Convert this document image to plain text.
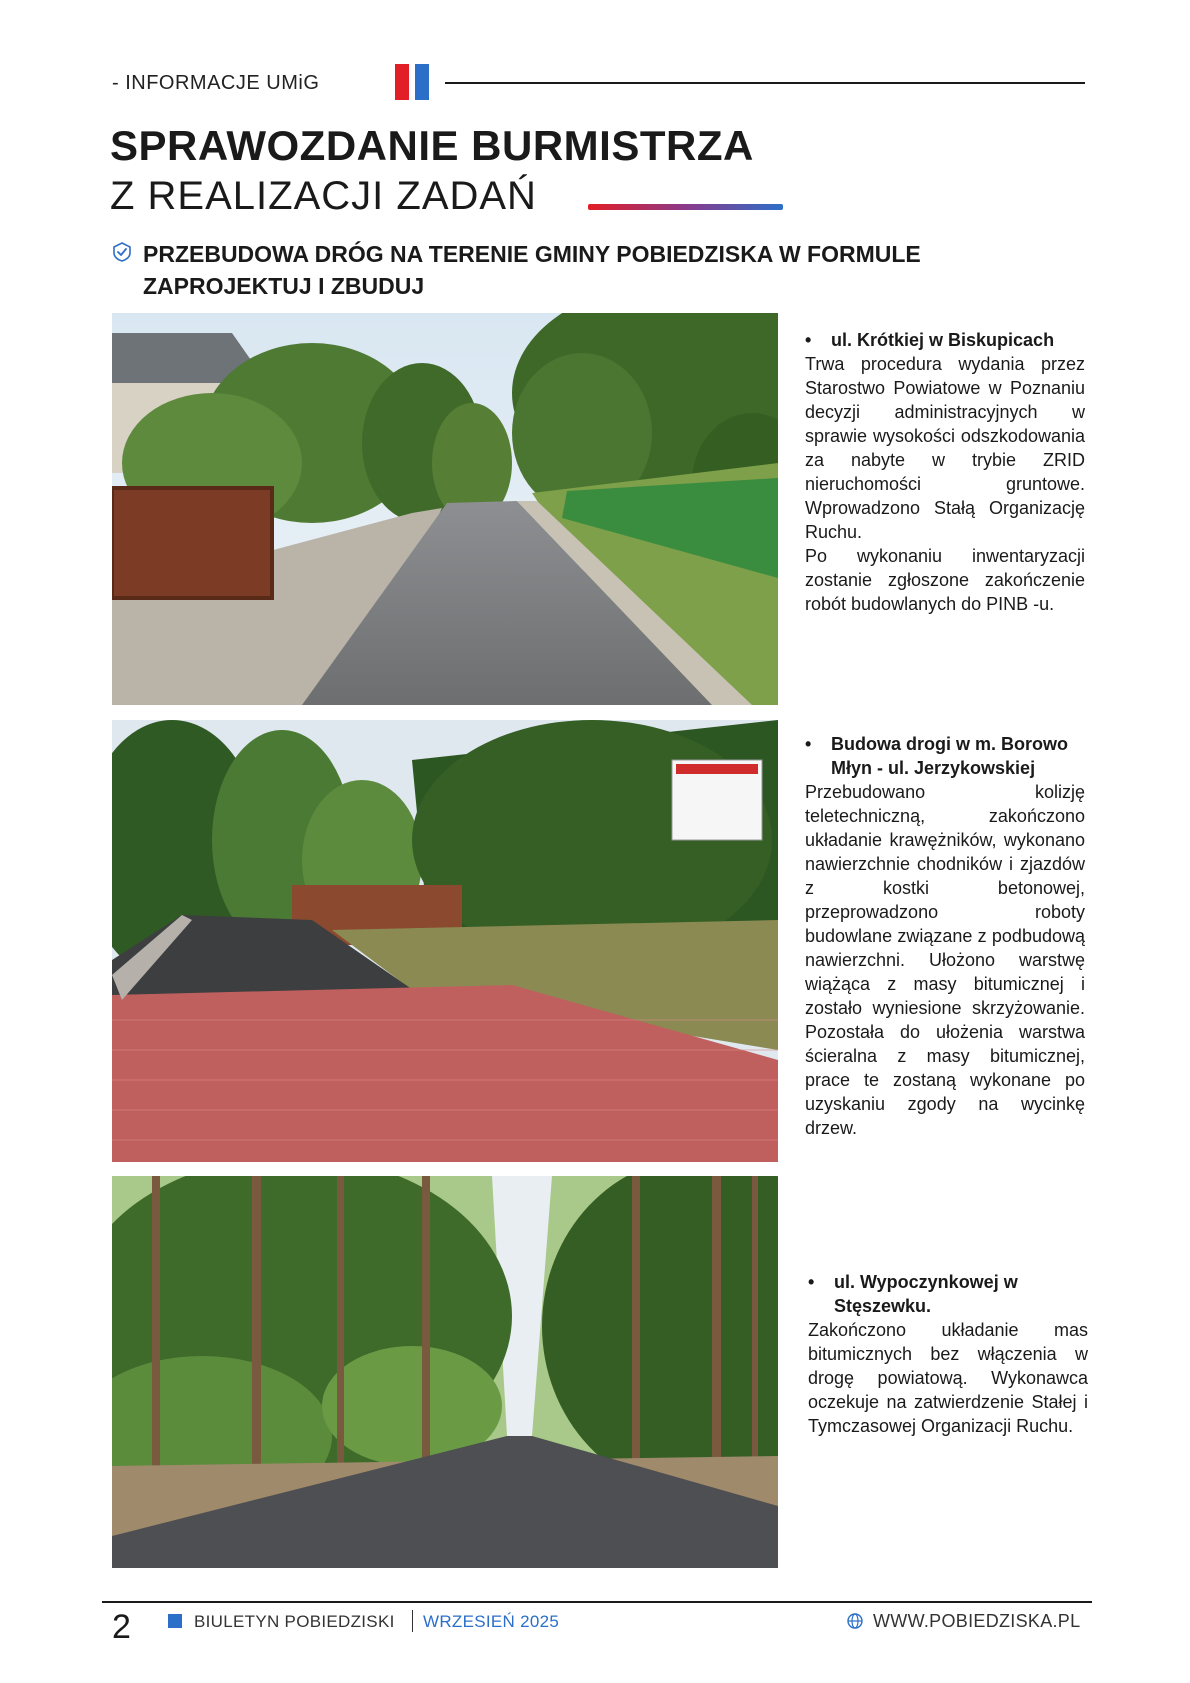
- INFORMACJE UMiG
SPRAWOZDANIE BURMISTRZA
Z REALIZACJI ZADAŃ
PRZEBUDOWA DRÓG NA TERENIE GMINY POBIEDZISKA W FORMULE ZAPROJEKTUJ I ZBUDUJ
•	ul. Krótkiej w Biskupicach

Trwa procedura wydania przez Starostwo Powiatowe w Poznaniu decyzji administracyjnych w sprawie wysokości odszkodowania za nabyte w trybie ZRID nieruchomości gruntowe. Wprowadzono Stałą Organizację Ruchu.

Po wykonaniu inwentaryzacji zostanie zgłoszone zakończenie robót budowlanych do PINB -u.

•	Budowa drogi w m. Borowo Młyn - ul. Jerzykowskiej

Przebudowano kolizję teletechniczną, zakończono układanie krawężników, wykonano nawierzchnie chodników i zjazdów z kostki betonowej, przeprowadzono roboty budowlane związane z podbudową nawierzchni. Ułożono warstwę wiążąca z masy bitumicznej i zostało wyniesione skrzyżowanie. Pozostała do ułożenia warstwa ścieralna z masy bitumicznej, prace te zostaną wykonane po uzyskaniu zgody na wycinkę drzew.

•	ul. Wypoczynkowej w Stęszewku.

Zakończono układanie mas bitumicznych bez włączenia w drogę powiatową. Wykonawca oczekuje na zatwierdzenie Stałej i Tymczasowej Organizacji Ruchu.

2	BIULETYN POBIEDZISKI WRZESIEŃ 2025	WWW.POBIEDZISKA.PL
